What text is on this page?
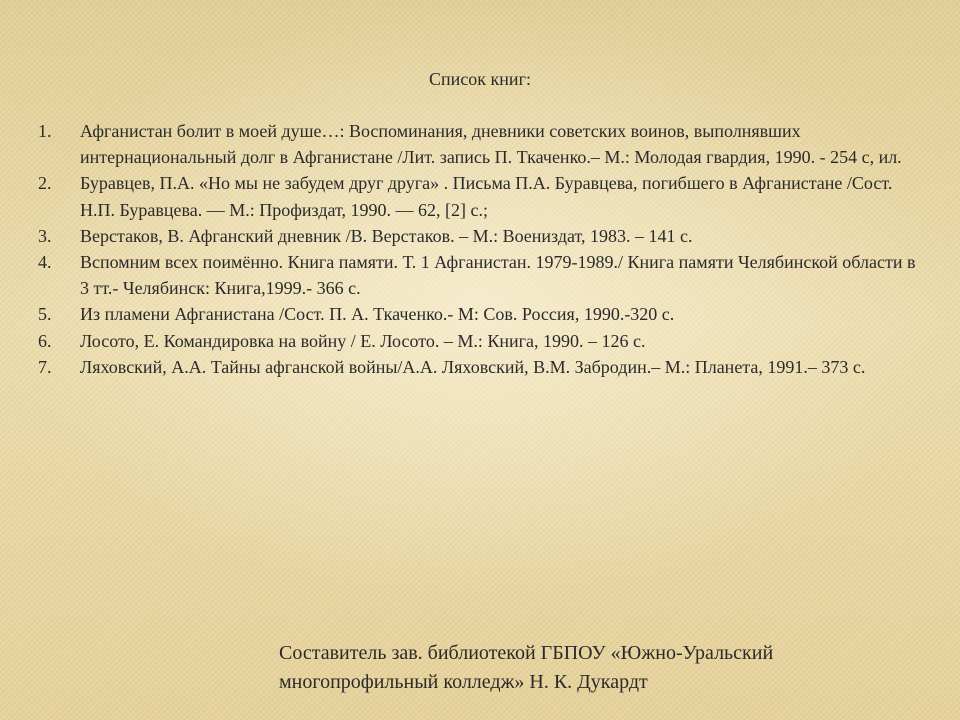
Список книг:
1.	Афганистан болит в моей душе…: Воспоминания, дневники советских воинов, выполнявших интернациональный долг в Афганистане /Лит. запись П. Ткаченко.– М.: Молодая гвардия, 1990. - 254 с, ил.
2.	Буравцев, П.А. «Но мы не забудем друг друга» . Письма П.А. Буравцева, погибшего в Афганистане /Сост. Н.П. Буравцева. — М.: Профиздат, 1990. — 62, [2] с.;
3.	Верстаков, В. Афганский дневник /В. Верстаков. – М.: Воениздат, 1983. – 141 с.
4.	Вспомним всех поимённо. Книга памяти. Т. 1 Афганистан. 1979-1989./ Книга памяти Челябинской области в 3 тт.- Челябинск: Книга,1999.- 366 с.
5.	Из пламени Афганистана /Сост. П. А. Ткаченко.- М: Сов. Россия, 1990.-320 с.
6.	Лосото, Е. Командировка на войну / Е. Лосото. – М.: Книга, 1990. – 126 с.
7.	Ляховский, А.А. Тайны афганской войны/А.А. Ляховский, В.М. Забродин.– М.: Планета, 1991.– 373 с.
Составитель зав. библиотекой ГБПОУ «Южно-Уральский
многопрофильный колледж» Н. К. Дукардт
